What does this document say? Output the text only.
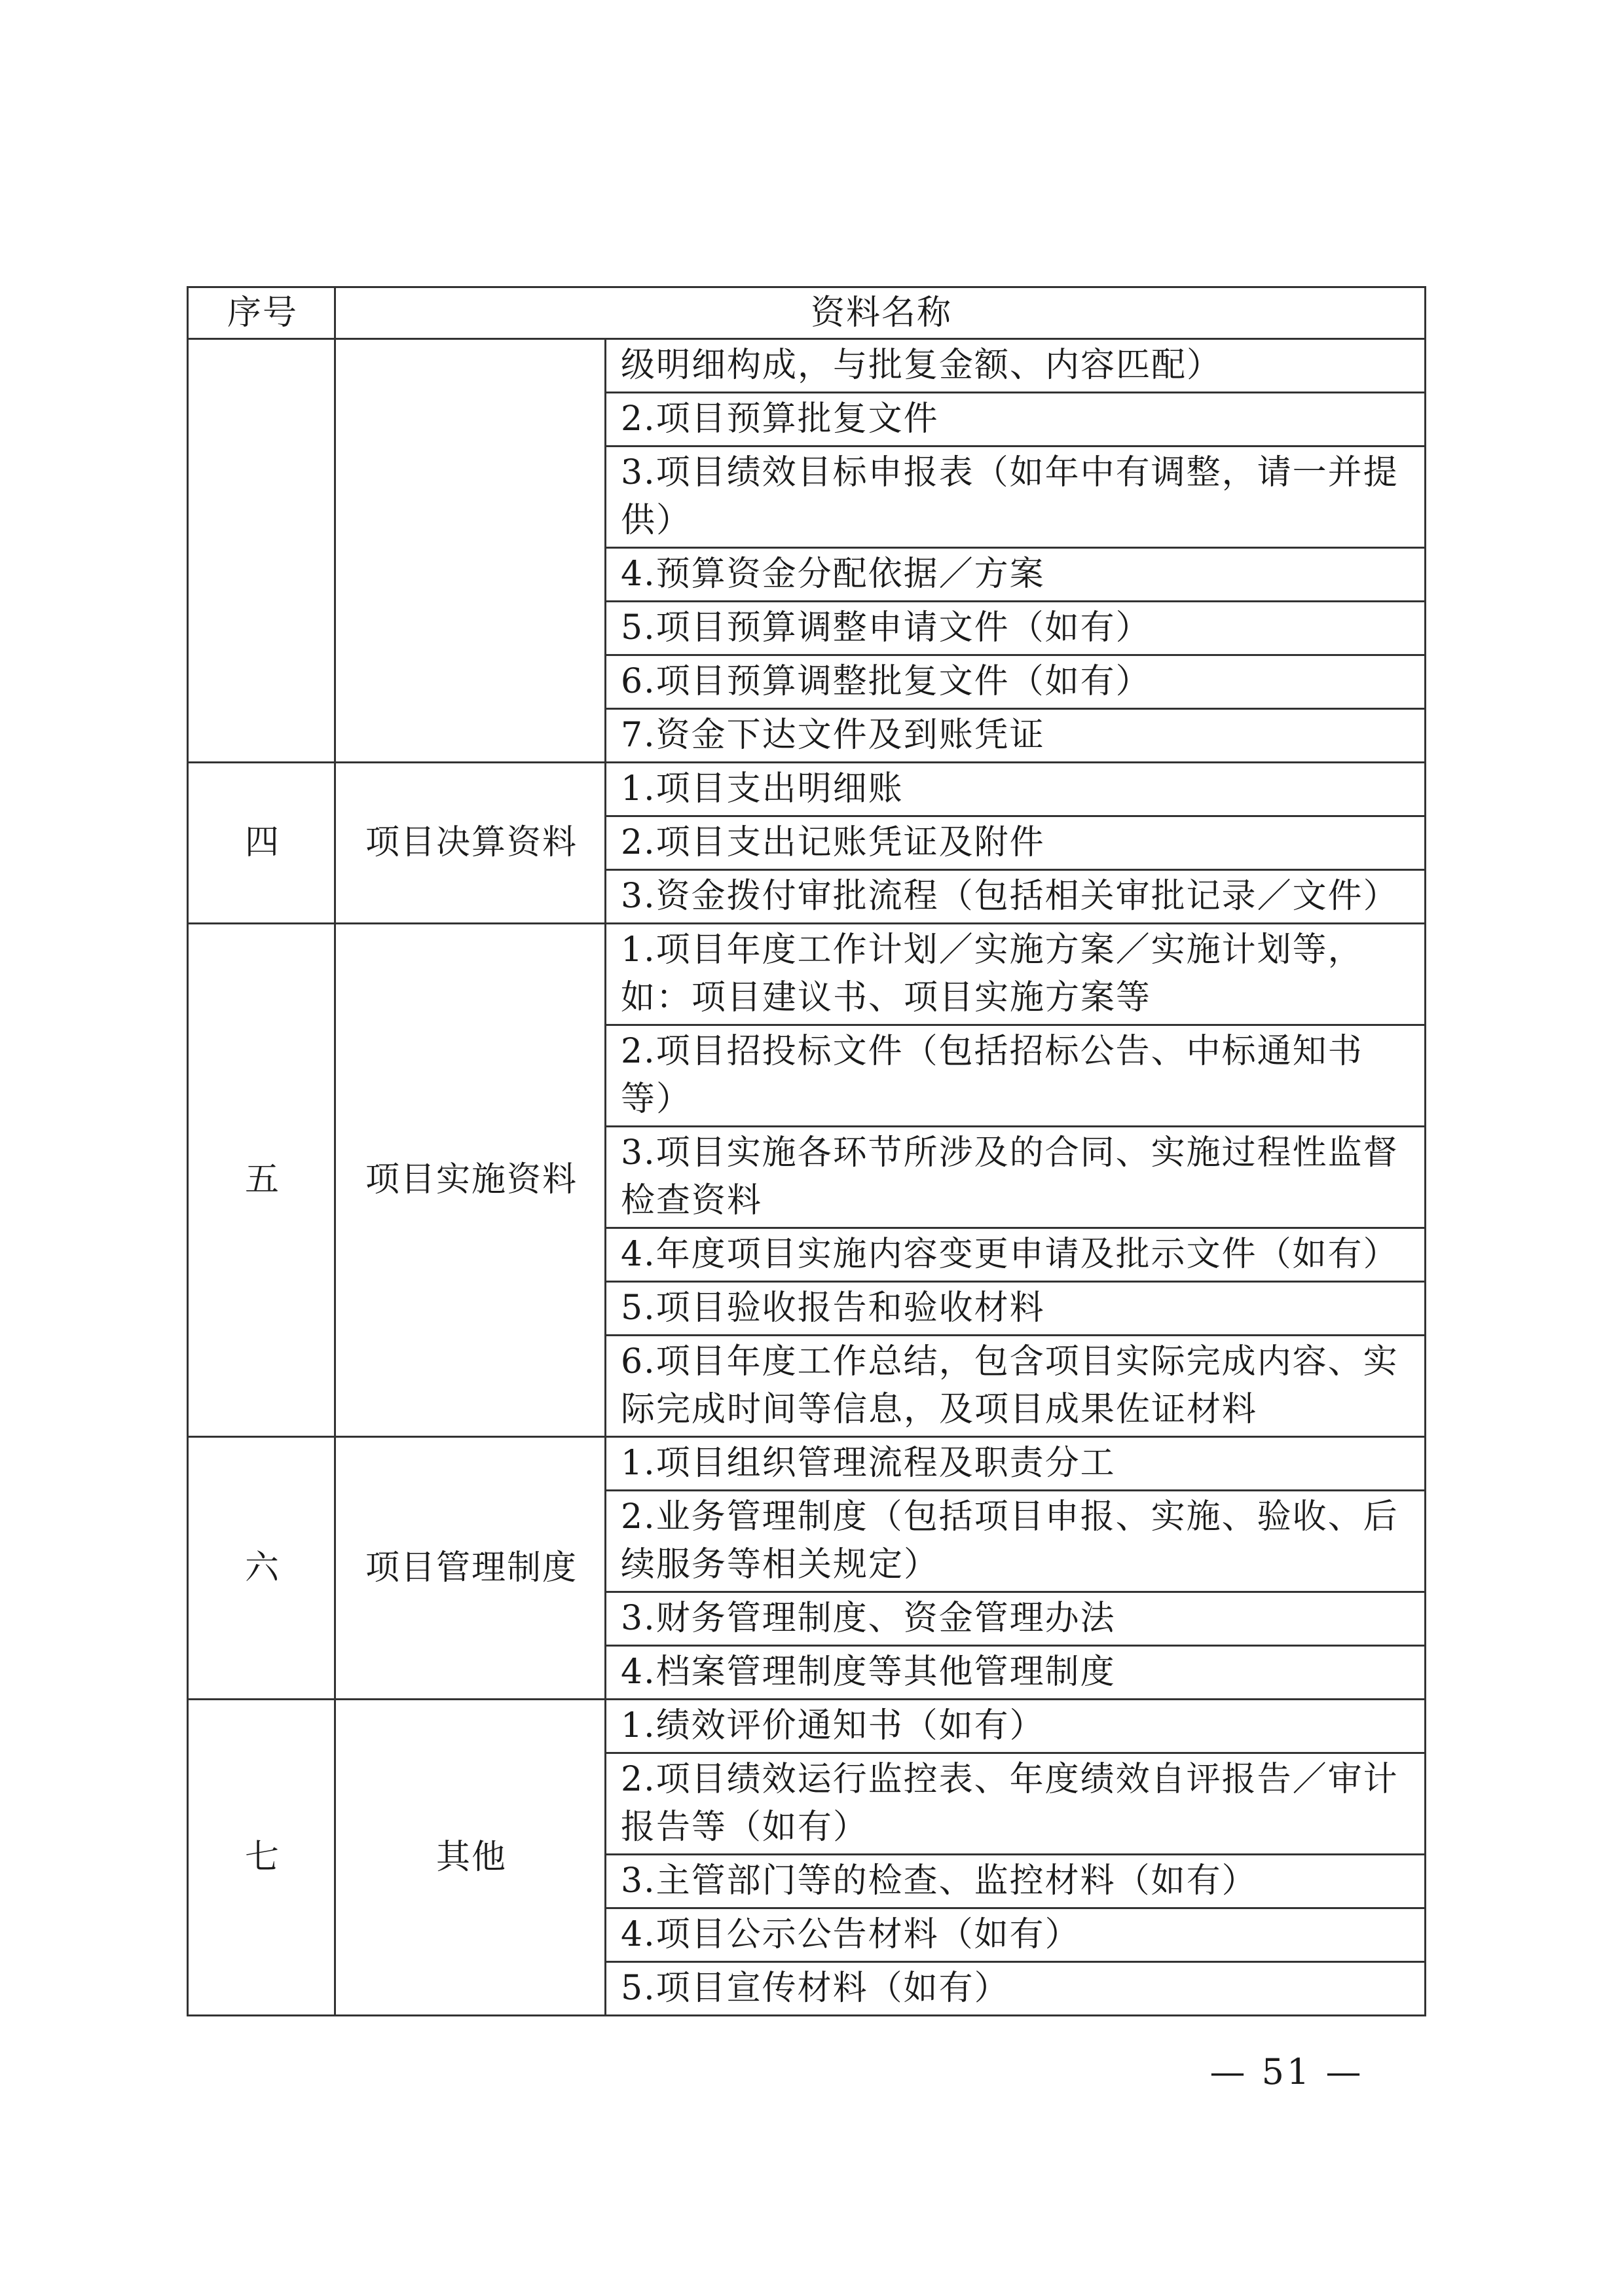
序号	资料名称	
		级明细构成，与批复金额、内容匹配）
		2.项目预算批复文件
		3.项目绩效目标申报表（如年中有调整，请一并提供）
		4.预算资金分配依据／方案
		5.项目预算调整申请文件（如有）
		6.项目预算调整批复文件（如有）
		7.资金下达文件及到账凭证
四	项目决算资料	1.项目支出明细账
		2.项目支出记账凭证及附件
		3.资金拨付审批流程（包括相关审批记录／文件）
五	项目实施资料	1.项目年度工作计划／实施方案／实施计划等，如：项目建议书、项目实施方案等
		2.项目招投标文件（包括招标公告、中标通知书等）
		3.项目实施各环节所涉及的合同、实施过程性监督检查资料
		4.年度项目实施内容变更申请及批示文件（如有）
		5.项目验收报告和验收材料
		6.项目年度工作总结，包含项目实际完成内容、实际完成时间等信息，及项目成果佐证材料
六	项目管理制度	1.项目组织管理流程及职责分工
		2.业务管理制度（包括项目申报、实施、验收、后续服务等相关规定）
		3.财务管理制度、资金管理办法
		4.档案管理制度等其他管理制度
七	其他	1.绩效评价通知书（如有）
		2.项目绩效运行监控表、年度绩效自评报告／审计报告等（如有）
		3.主管部门等的检查、监控材料（如有）
		4.项目公示公告材料（如有）
		5.项目宣传材料（如有）
— 51 —
